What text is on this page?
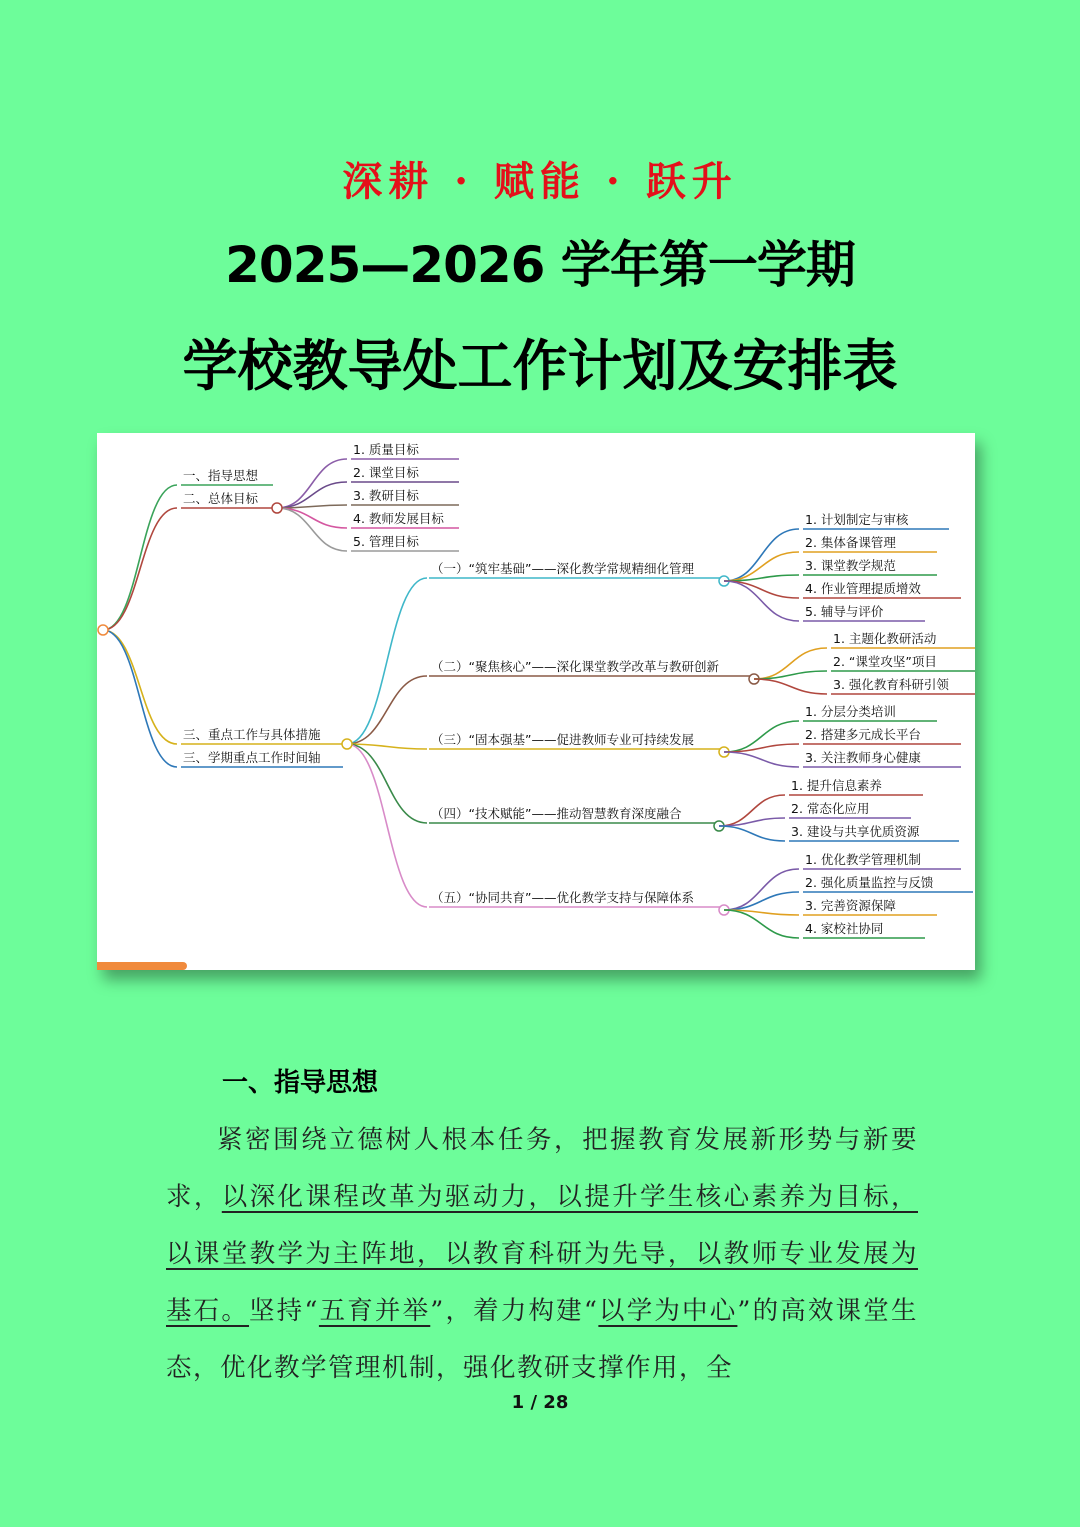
深耕 · 赋能 · 跃升
2025—2026 学年第一学期
学校教导处工作计划及安排表
一、指导思想
二、总体目标
三、重点工作与具体措施
三、学期重点工作时间轴
1. 质量目标
2. 课堂目标
3. 教研目标
4. 教师发展目标
5. 管理目标
（一）“筑牢基础”——深化教学常规精细化管理
1. 计划制定与审核
2. 集体备课管理
3. 课堂教学规范
4. 作业管理提质增效
5. 辅导与评价
（二）“聚焦核心”——深化课堂教学改革与教研创新
1. 主题化教研活动
2. “课堂攻坚”项目
3. 强化教育科研引领
（三）“固本强基”——促进教师专业可持续发展
1. 分层分类培训
2. 搭建多元成长平台
3. 关注教师身心健康
（四）“技术赋能”——推动智慧教育深度融合
1. 提升信息素养
2. 常态化应用
3. 建设与共享优质资源
（五）“协同共育”——优化教学支持与保障体系
1. 优化教学管理机制
2. 强化质量监控与反馈
3. 完善资源保障
4. 家校社协同
一、指导思想
紧密围绕立德树人根本任务，把握教育发展新形势与新要求，以深化课程改革为驱动力，以提升学生核心素养为目标，以课堂教学为主阵地，以教育科研为先导，以教师专业发展为基石。坚持“五育并举”，着力构建“以学为中心”的高效课堂生态，优化教学管理机制，强化教研支撑作用，全
1 / 28
